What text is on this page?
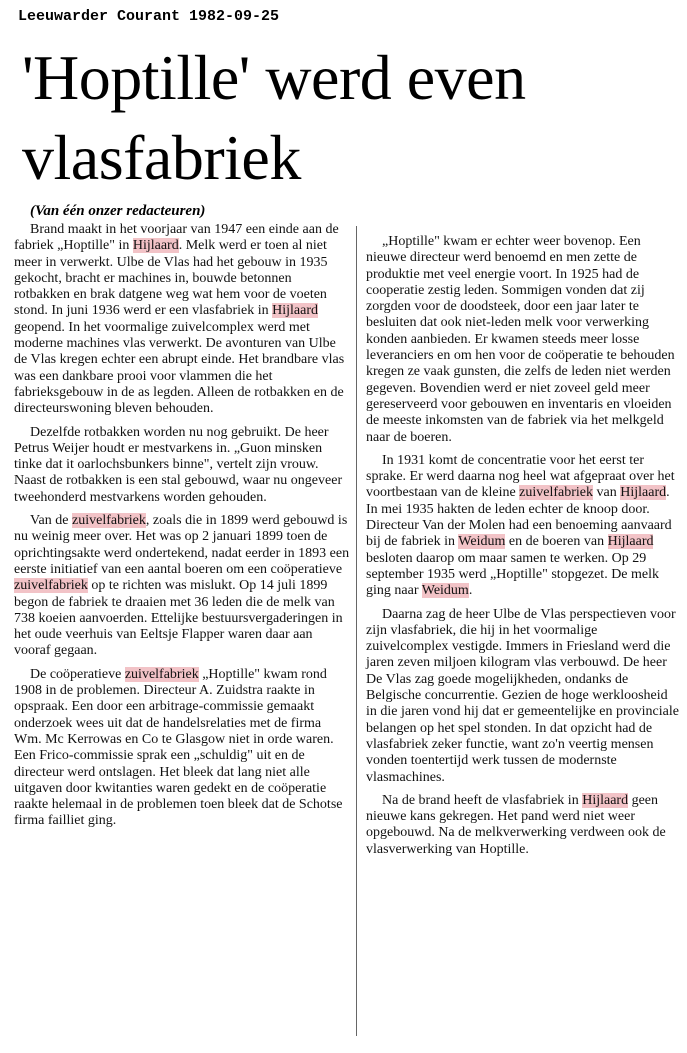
Leeuwarder Courant 1982-09-25
'Hoptille' werd even vlasfabriek
(Van één onzer redacteuren)

Brand maakt in het voorjaar van 1947 een einde aan de fabriek „Hoptille" in Hijlaard. Melk werd er toen al niet meer in verwerkt. Ulbe de Vlas had het gebouw in 1935 gekocht, bracht er machines in, bouwde betonnen rotbakken en brak datgene weg wat hem voor de voeten stond. In juni 1936 werd er een vlasfabriek in Hijlaard geopend. In het voormalige zuivelcomplex werd met moderne machines vlas verwerkt. De avonturen van Ulbe de Vlas kregen echter een abrupt einde. Het brandbare vlas was een dankbare prooi voor vlammen die het fabrieksgebouw in de as legden. Alleen de rotbakken en de directeurswoning bleven behouden.

Dezelfde rotbakken worden nu nog gebruikt. De heer Petrus Weijer houdt er mestvarkens in. „Guon minsken tinke dat it oarlochsbunkers binne", vertelt zijn vrouw. Naast de rotbakken is een stal gebouwd, waar nu ongeveer tweehonderd mestvarkens worden gehouden.

Van de zuivelfabriek, zoals die in 1899 werd gebouwd is nu weinig meer over. Het was op 2 januari 1899 toen de oprichtingsakte werd ondertekend, nadat eerder in 1893 een eerste initiatief van een aantal boeren om een coöperatieve zuivelfabriek op te richten was mislukt. Op 14 juli 1899 begon de fabriek te draaien met 36 leden die de melk van 738 koeien aanvoerden. Ettelijke bestuursvergaderingen in het oude veerhuis van Eeltsje Flapper waren daar aan vooraf gegaan.

De coöperatieve zuivelfabriek „Hoptille" kwam rond 1908 in de problemen. Directeur A. Zuidstra raakte in opspraak. Een door een arbitrage-commissie gemaakt onderzoek wees uit dat de handelsrelaties met de firma Wm. Mc Kerrowas en Co te Glasgow niet in orde waren. Een Frico-commissie sprak een „schuldig" uit en de directeur werd ontslagen. Het bleek dat lang niet alle uitgaven door kwitanties waren gedekt en de coöperatie raakte helemaal in de problemen toen bleek dat de Schotse firma failliet ging.

„Hoptille" kwam er echter weer bovenop. Een nieuwe directeur werd benoemd en men zette de produktie met veel energie voort. In 1925 had de cooperatie zestig leden. Sommigen vonden dat zij zorgden voor de doodsteek, door een jaar later te besluiten dat ook niet-leden melk voor verwerking konden aanbieden. Er kwamen steeds meer losse leveranciers en om hen voor de coöperatie te behouden kregen ze vaak gunsten, die zelfs de leden niet werden gegeven. Bovendien werd er niet zoveel geld meer gereserveerd voor gebouwen en inventaris en vloeiden de meeste inkomsten van de fabriek via het melkgeld naar de boeren.

In 1931 komt de concentratie voor het eerst ter sprake. Er werd daarna nog heel wat afgepraat over het voortbestaan van de kleine zuivelfabriek van Hijlaard. In mei 1935 hakten de leden echter de knoop door. Directeur Van der Molen had een benoeming aanvaard bij de fabriek in Weidum en de boeren van Hijlaard besloten daarop om maar samen te werken. Op 29 september 1935 werd „Hoptille" stopgezet. De melk ging naar Weidum.

Daarna zag de heer Ulbe de Vlas perspectieven voor zijn vlasfabriek, die hij in het voormalige zuivelcomplex vestigde. Immers in Friesland werd die jaren zeven miljoen kilogram vlas verbouwd. De heer De Vlas zag goede mogelijkheden, ondanks de Belgische concurrentie. Gezien de hoge werkloosheid in die jaren vond hij dat er gemeentelijke en provinciale belangen op het spel stonden. In dat opzicht had de vlasfabriek zeker functie, want zo'n veertig mensen vonden toentertijd werk tussen de modernste vlasmachines.

Na de brand heeft de vlasfabriek in Hijlaard geen nieuwe kans gekregen. Het pand werd niet weer opgebouwd. Na de melkverwerking verdween ook de vlasverwerking van Hoptille.
